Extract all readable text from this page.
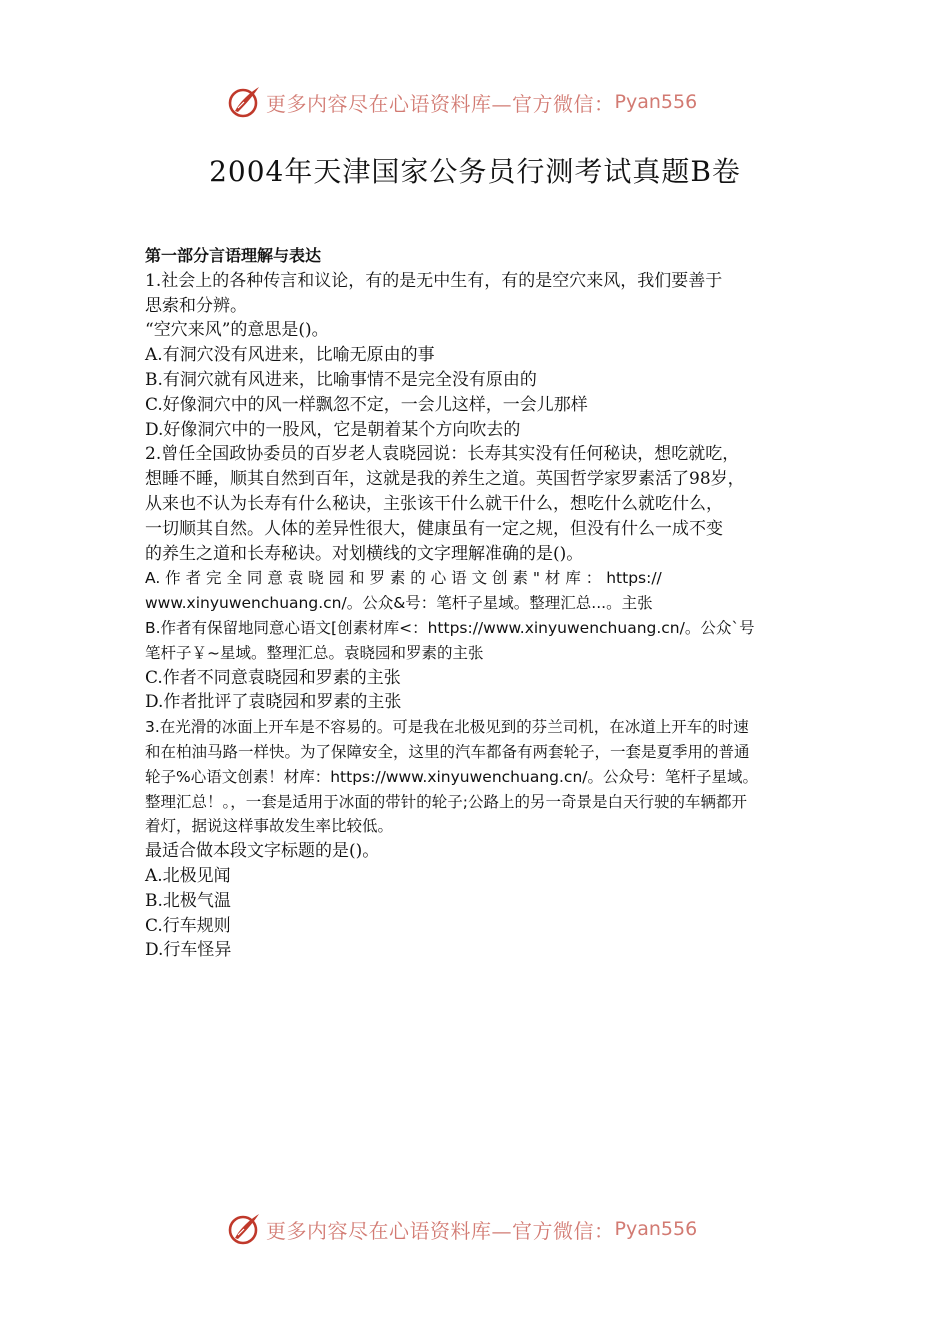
更多内容尽在心语资料库—官方微信： Pyan556
2004年天津国家公务员行测考试真题B卷
第一部分言语理解与表达
1.社会上的各种传言和议论，有的是无中生有，有的是空穴来风，我们要善于
思索和分辨。
“空穴来风”的意思是()。
A.有洞穴没有风进来，比喻无原由的事
B.有洞穴就有风进来，比喻事情不是完全没有原由的
C.好像洞穴中的风一样飘忽不定，一会儿这样，一会儿那样
D.好像洞穴中的一股风，它是朝着某个方向吹去的
2.曾任全国政协委员的百岁老人袁晓园说：长寿其实没有任何秘诀，想吃就吃，
想睡不睡，顺其自然到百年，这就是我的养生之道。英国哲学家罗素活了98岁，
从来也不认为长寿有什么秘诀，主张该干什么就干什么，想吃什么就吃什么，
一切顺其自然。人体的差异性很大，健康虽有一定之规，但没有什么一成不变
的养生之道和长寿秘诀。对划横线的文字理解准确的是()。
A. 作 者 完 全 同 意 袁 晓 园 和 罗 素 的 心 语 文 创 素 " 材 库 ： https://
www.xinyuwenchuang.cn/。公众&号：笔杆子星域。整理汇总...。主张
B.作者有保留地同意心语文[创素材库<：https://www.xinyuwenchuang.cn/。公众`号
笔杆子￥~星域。整理汇总。袁晓园和罗素的主张
C.作者不同意袁晓园和罗素的主张
D.作者批评了袁晓园和罗素的主张
3.在光滑的冰面上开车是不容易的。可是我在北极见到的芬兰司机，在冰道上开车的时速
和在柏油马路一样快。为了保障安全，这里的汽车都备有两套轮子，一套是夏季用的普通
轮子%心语文创素！材库：https://www.xinyuwenchuang.cn/。公众号：笔杆子星域。
整理汇总！。，一套是适用于冰面的带针的轮子;公路上的另一奇景是白天行驶的车辆都开
着灯，据说这样事故发生率比较低。
最适合做本段文字标题的是()。
A.北极见闻
B.北极气温
C.行车规则
D.行车怪异
更多内容尽在心语资料库—官方微信： Pyan556
